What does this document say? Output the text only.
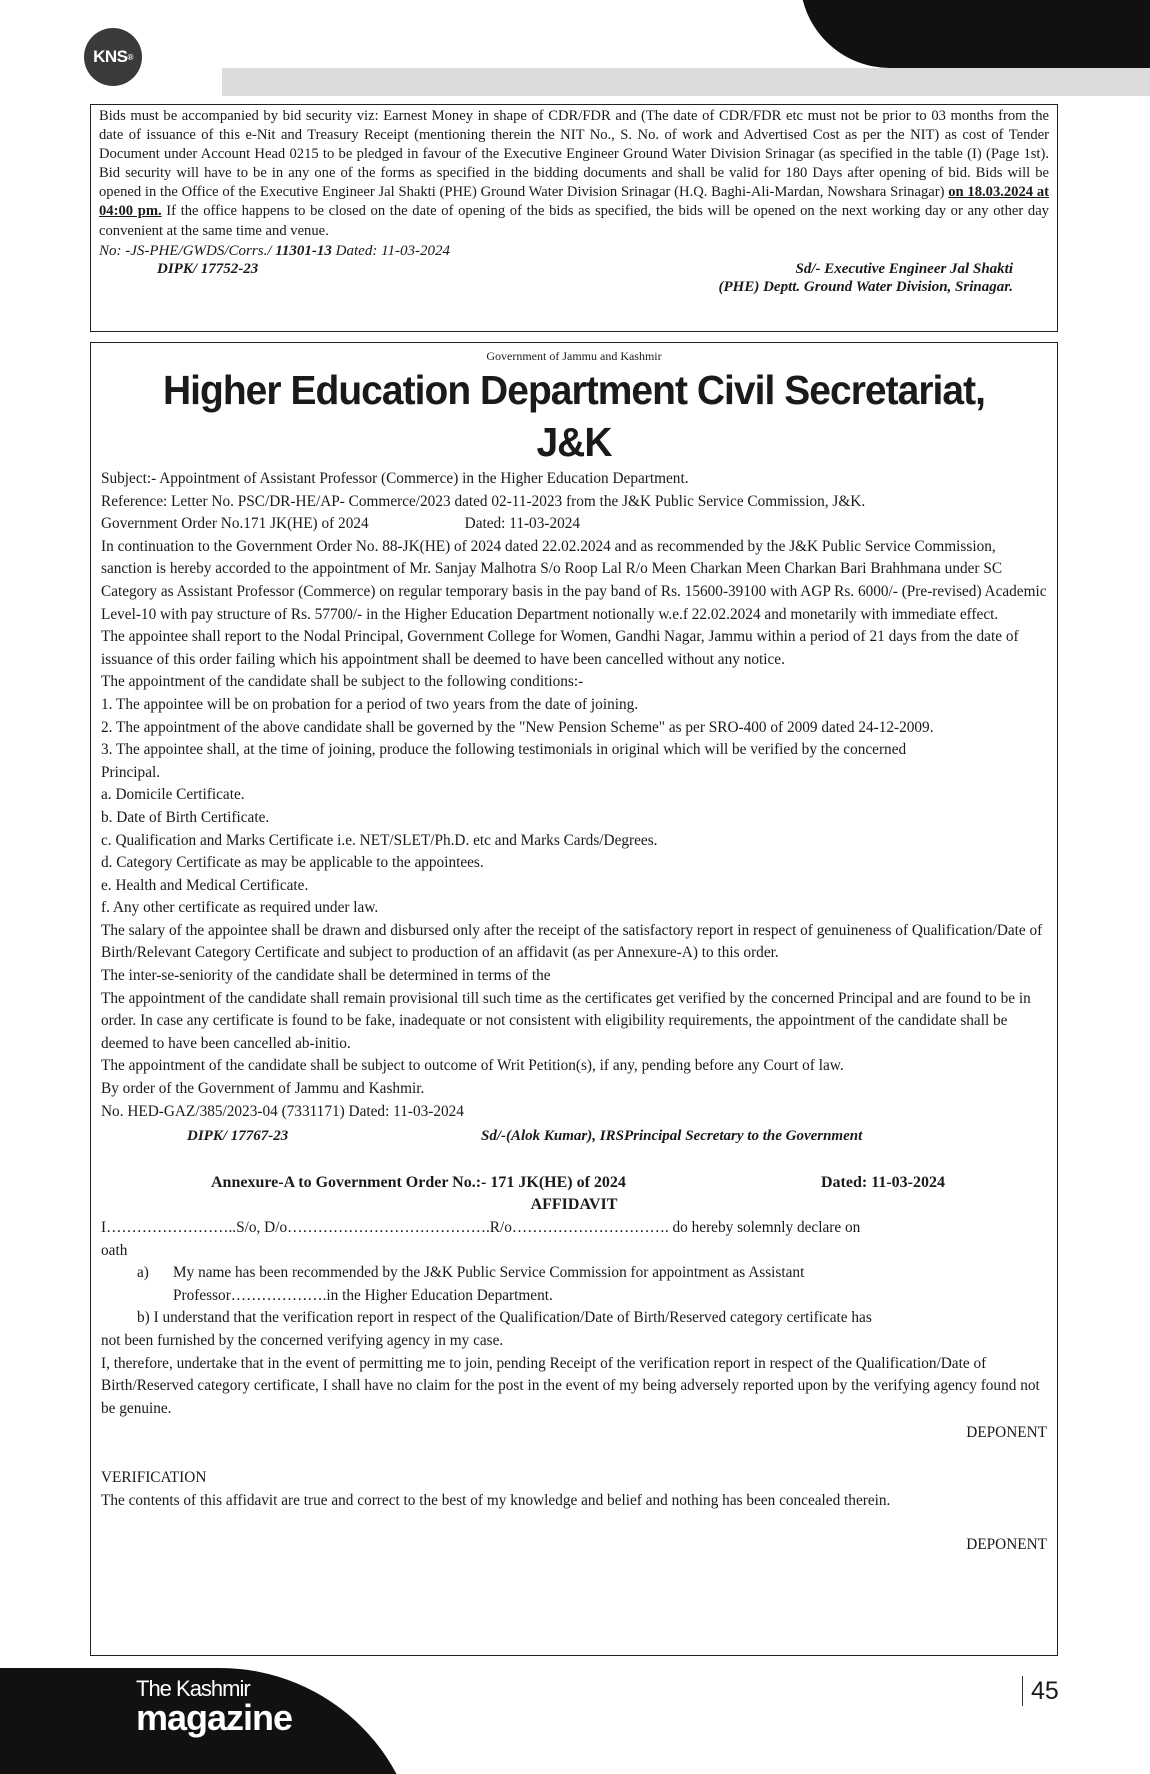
KNS ®

Bids must be accompanied by bid security viz: Earnest Money in shape of CDR/FDR and (The date of CDR/FDR etc must not be prior to 03 months from the date of issuance of this e-Nit and Treasury Receipt (mentioning therein the NIT No., S. No. of work and Advertised Cost as per the NIT) as cost of Tender Document under Account Head 0215 to be pledged in favour of the Executive Engineer Ground Water Division Srinagar (as specified in the table (I) (Page 1st). Bid security will have to be in any one of the forms as specified in the bidding documents and shall be valid for 180 Days after opening of bid. Bids will be opened in the Office of the Executive Engineer Jal Shakti (PHE) Ground Water Division Srinagar (H.Q. Baghi-Ali-Mardan, Nowshara Srinagar) on 18.03.2024 at 04:00 pm. If the office happens to be closed on the date of opening of the bids as specified, the bids will be opened on the next working day or any other day convenient at the same time and venue.

No: -JS-PHE/GWDS/Corrs./ 11301-13 Dated: 11-03-2024

DIPK/ 17752-23	Sd/- Executive Engineer Jal Shakti
(PHE) Deptt. Ground Water Division, Srinagar.

Government of Jammu and Kashmir

Higher Education Department Civil Secretariat, J&K

Subject:- Appointment of Assistant Professor (Commerce) in the Higher Education Department.

Reference: Letter No. PSC/DR-HE/AP- Commerce/2023 dated 02-11-2023 from the J&K Public Service Commission, J&K.

Government Order No.171 JK(HE) of 2024	Dated: 11-03-2024

In continuation to the Government Order No. 88-JK(HE) of 2024 dated 22.02.2024 and as recommended by the J&K Public Service Commission, sanction is hereby accorded to the appointment of Mr. Sanjay Malhotra S/o Roop Lal R/o Meen Charkan Meen Charkan Bari Brahhmana under SC Category as Assistant Professor (Commerce) on regular temporary basis in the pay band of Rs. 15600-39100 with AGP Rs. 6000/- (Pre-revised) Academic Level-10 with pay structure of Rs. 57700/- in the Higher Education Department notionally w.e.f 22.02.2024 and monetarily with immediate effect.

The appointee shall report to the Nodal Principal, Government College for Women, Gandhi Nagar, Jammu within a period of 21 days from the date of issuance of this order failing which his appointment shall be deemed to have been cancelled without any notice.

The appointment of the candidate shall be subject to the following conditions:-

1. The appointee will be on probation for a period of two years from the date of joining.

2. The appointment of the above candidate shall be governed by the "New Pension Scheme" as per SRO-400 of 2009 dated 24-12-2009.

3. The appointee shall, at the time of joining, produce the following testimonials in original which will be verified by the concerned

Principal.

a. Domicile Certificate.

b. Date of Birth Certificate.

c. Qualification and Marks Certificate i.e. NET/SLET/Ph.D. etc and Marks Cards/Degrees.

d. Category Certificate as may be applicable to the appointees.

e. Health and Medical Certificate.

f. Any other certificate as required under law.

The salary of the appointee shall be drawn and disbursed only after the receipt of the satisfactory report in respect of genuineness of Qualification/Date of Birth/Relevant Category Certificate and subject to production of an affidavit (as per Annexure-A) to this order.

The inter-se-seniority of the candidate shall be determined in terms of the

The appointment of the candidate shall remain provisional till such time as the certificates get verified by the concerned Principal and are found to be in order. In case any certificate is found to be fake, inadequate or not consistent with eligibility requirements, the appointment of the candidate shall be deemed to have been cancelled ab-initio.

The appointment of the candidate shall be subject to outcome of Writ Petition(s), if any, pending before any Court of law.

By order of the Government of Jammu and Kashmir.

No. HED-GAZ/385/2023-04 (7331171) Dated: 11-03-2024

DIPK/ 17767-23	Sd/-(Alok Kumar), IRSPrincipal Secretary to the Government
Annexure-A to Government Order No.:- 171 JK(HE) of 2024	Dated: 11-03-2024

AFFIDAVIT

I……………………..S/o, D/o………………………………….R/o…………………………. do hereby solemnly declare on

oath

a)	My name has been recommended by the J&K Public Service Commission for appointment as Assistant

Professor……………….in the Higher Education Department.

b) I understand that the verification report in respect of the Qualification/Date of Birth/Reserved category certificate has

not been furnished by the concerned verifying agency in my case.

I, therefore, undertake that in the event of permitting me to join, pending Receipt of the verification report in respect of the Qualification/Date of Birth/Reserved category certificate, I shall have no claim for the post in the event of my being adversely reported upon by the verifying agency found not be genuine.

DEPONENT

VERIFICATION

The contents of this affidavit are true and correct to the best of my knowledge and belief and nothing has been concealed therein.

DEPONENT

The Kashmir
magazine
45
